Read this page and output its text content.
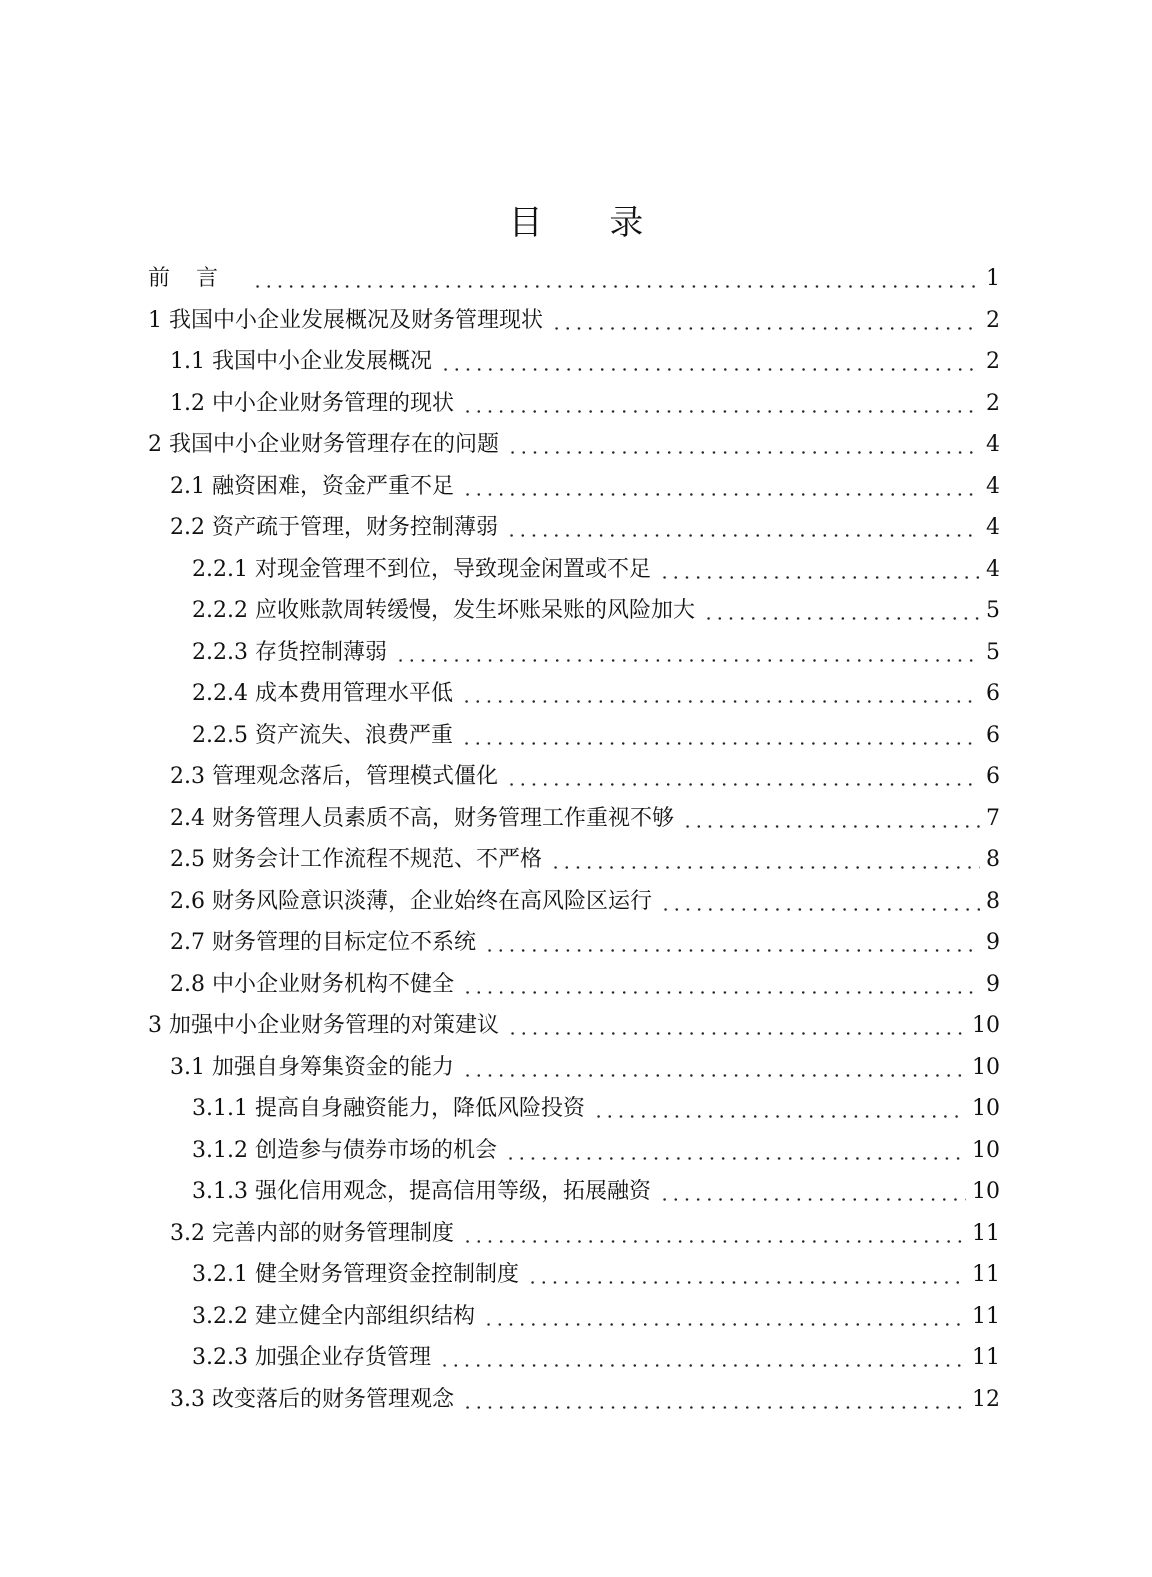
目 录
前言	1
1 我国中小企业发展概况及财务管理现状	2
1.1 我国中小企业发展概况	2
1.2 中小企业财务管理的现状	2
2 我国中小企业财务管理存在的问题	4
2.1 融资困难，资金严重不足	4
2.2 资产疏于管理，财务控制薄弱	4
2.2.1 对现金管理不到位，导致现金闲置或不足	4
2.2.2 应收账款周转缓慢，发生坏账呆账的风险加大	5
2.2.3 存货控制薄弱	5
2.2.4 成本费用管理水平低	6
2.2.5 资产流失、浪费严重	6
2.3 管理观念落后，管理模式僵化	6
2.4 财务管理人员素质不高，财务管理工作重视不够	7
2.5 财务会计工作流程不规范、不严格	8
2.6 财务风险意识淡薄，企业始终在高风险区运行	8
2.7 财务管理的目标定位不系统	9
2.8 中小企业财务机构不健全	9
3 加强中小企业财务管理的对策建议	10
3.1 加强自身筹集资金的能力	10
3.1.1 提高自身融资能力，降低风险投资	10
3.1.2 创造参与债券市场的机会	10
3.1.3 强化信用观念，提高信用等级，拓展融资	10
3.2 完善内部的财务管理制度	11
3.2.1 健全财务管理资金控制制度	11
3.2.2 建立健全内部组织结构	11
3.2.3 加强企业存货管理	11
3.3 改变落后的财务管理观念	12
